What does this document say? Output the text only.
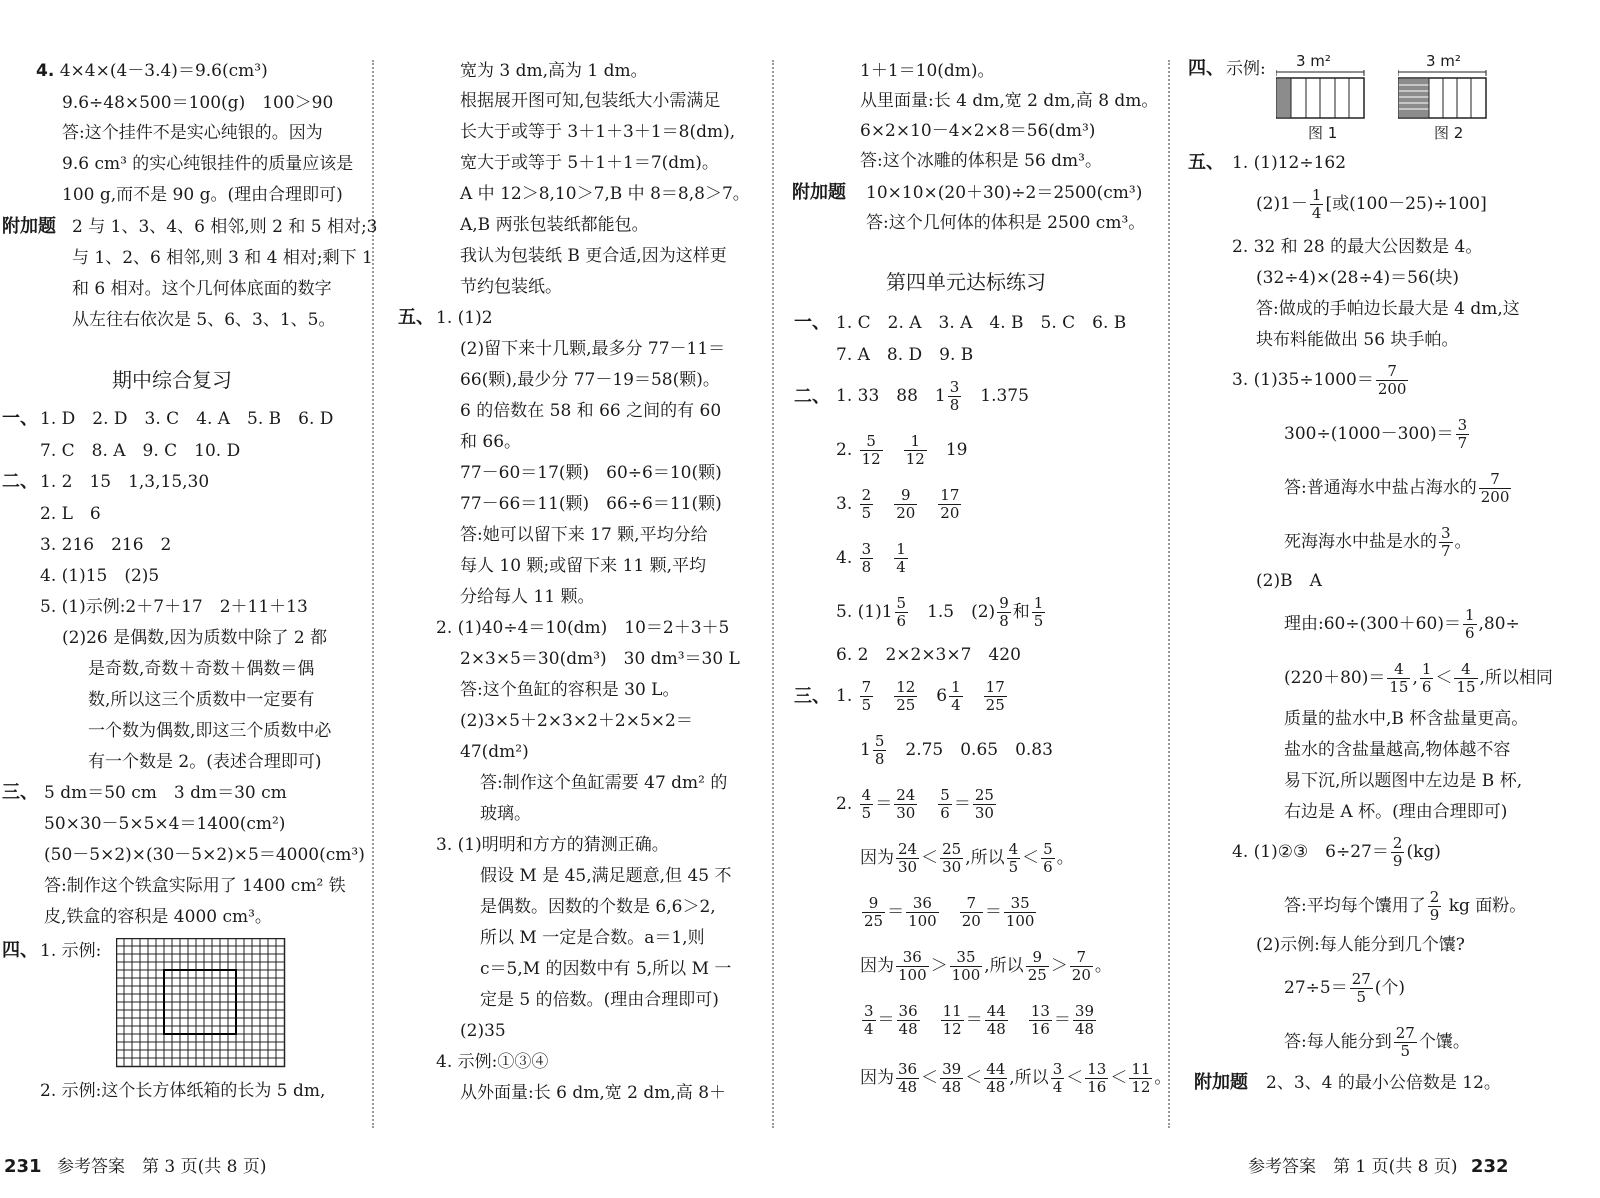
4. 4×4×(4－3.4)＝9.6(cm³)
9.6÷48×500＝100(g)　100＞90
答:这个挂件不是实心纯银的。因为
9.6 cm³ 的实心纯银挂件的质量应该是
100 g,而不是 90 g。(理由合理即可)
附加题 2 与 1、3、4、6 相邻,则 2 和 5 相对;3
与 1、2、6 相邻,则 3 和 4 相对;剩下 1
和 6 相对。这个几何体底面的数字
从左往右依次是 5、6、3、1、5。
期中综合复习
一、 1. D　2. D　3. C　4. A　5. B　6. D
7. C　8. A　9. C　10. D
二、 1. 2　15　1,3,15,30
2. L　6
3. 216　216　2
4. (1)15　(2)5
5. (1)示例:2＋7＋17　2＋11＋13
(2)26 是偶数,因为质数中除了 2 都
是奇数,奇数＋奇数＋偶数＝偶
数,所以这三个质数中一定要有
一个数为偶数,即这三个质数中必
有一个数是 2。(表述合理即可)
三、 5 dm＝50 cm　3 dm＝30 cm
50×30－5×5×4＝1400(cm²)
(50－5×2)×(30－5×2)×5＝4000(cm³)
答:制作这个铁盒实际用了 1400 cm² 铁
皮,铁盒的容积是 4000 cm³。
四、 1. 示例:
2. 示例:这个长方体纸箱的长为 5 dm,
宽为 3 dm,高为 1 dm。
根据展开图可知,包装纸大小需满足
长大于或等于 3＋1＋3＋1＝8(dm),
宽大于或等于 5＋1＋1＝7(dm)。
A 中 12＞8,10＞7,B 中 8＝8,8＞7。
A,B 两张包装纸都能包。
我认为包装纸 B 更合适,因为这样更
节约包装纸。
五、 1. (1)2
(2)留下来十几颗,最多分 77－11＝
66(颗),最少分 77－19＝58(颗)。
6 的倍数在 58 和 66 之间的有 60
和 66。
77－60＝17(颗)　60÷6＝10(颗)
77－66＝11(颗)　66÷6＝11(颗)
答:她可以留下来 17 颗,平均分给
每人 10 颗;或留下来 11 颗,平均
分给每人 11 颗。
2. (1)40÷4＝10(dm)　10＝2＋3＋5
2×3×5＝30(dm³)　30 dm³＝30 L
答:这个鱼缸的容积是 30 L。
(2)3×5＋2×3×2＋2×5×2＝
47(dm²)
答:制作这个鱼缸需要 47 dm² 的
玻璃。
3. (1)明明和方方的猜测正确。
假设 M 是 45,满足题意,但 45 不
是偶数。因数的个数是 6,6＞2,
所以 M 一定是合数。a＝1,则
c＝5,M 的因数中有 5,所以 M 一
定是 5 的倍数。(理由合理即可)
(2)35
4. 示例:①③④
从外面量:长 6 dm,宽 2 dm,高 8＋
1＋1＝10(dm)。
从里面量:长 4 dm,宽 2 dm,高 8 dm。
6×2×10－4×2×8＝56(dm³)
答:这个冰雕的体积是 56 dm³。
附加题 10×10×(20＋30)÷2＝2500(cm³)
答:这个几何体的体积是 2500 cm³。
第四单元达标练习
一、 1. C　2. A　3. A　4. B　5. C　6. B
7. A　8. D　9. B
二、 1. 33　88　$1 \frac{3}{8}$
　 1.375
2. $\frac{5}{12}$
　 $\frac{1}{12}$
　 19
3. $\frac{2}{5}$
　 $\frac{9}{20}$
　 $\frac{17}{20}$
4. $\frac{3}{8}$
　 $\frac{1}{4}$
5. $(1)1 \frac{5}{6}$
　 1.5　$(2) \frac{9}{8}$ 和 $\frac{1}{5}$
6. 2　2×2×3×7　420
三、 1. $\frac{7}{5}$
　 $\frac{12}{25}$
　 $6 \frac{1}{4}$
　 $\frac{17}{25}$
$1 \frac{5}{8}$
　 2.75　0.65　0.83
2. $\frac{4}{5} = \frac{24}{30}$
　 $\frac{5}{6} = \frac{25}{30}$
因为 $\frac{24}{30} < \frac{25}{30}$ ,所以 $\frac{4}{5} < \frac{5}{6}$ 。
$\frac{9}{25} = \frac{36}{100}$
　 $\frac{7}{20} = \frac{35}{100}$
因为 $\frac{36}{100} > \frac{35}{100}$ ,所以 $\frac{9}{25} > \frac{7}{20}$ 。
$\frac{3}{4} = \frac{36}{48}$
　 $\frac{11}{12} = \frac{44}{48}$
　 $\frac{13}{16} = \frac{39}{48}$
因为 $\frac{36}{48} < \frac{39}{48} < \frac{44}{48}$ ,所以 $\frac{3}{4} < \frac{13}{16} < \frac{11}{12}$ 。
四、 示例: 3 m²
图 1
3 m²
图 2
五、 1. (1)12÷162
$(2)1- \frac{1}{4}$ [或(100－25)÷100]
2. 32 和 28 的最大公因数是 4。
(32÷4)×(28÷4)＝56(块)
答:做成的手帕边长最大是 4 dm,这
块布料能做出 56 块手帕。
3. $(1)35\div 1000= \frac{7}{200}$
$300\div(1000-300)= \frac{3}{7}$
答:普通海水中盐占海水的 $\frac{7}{200}$
死海海水中盐是水的 $\frac{3}{7}$ 。
(2)B　A
理由:60÷(300＋60)＝ $\frac{1}{6} ,80\div$
$(220+80)= \frac{4}{15}$ , $\frac{1}{6} < \frac{4}{15}$ ,所以相同
质量的盐水中,B 杯含盐量更高。
盐水的含盐量越高,物体越不容
易下沉,所以题图中左边是 B 杯,
右边是 A 杯。(理由合理即可)
4. (1)②③　$6\div 27= \frac{2}{9} (kg)$
答:平均每个馕用了 $\frac{2}{9}$ kg 面粉。
(2)示例:每人能分到几个馕?
$27\div 5= \frac{27}{5}$ (个)
答:每人能分到 $\frac{27}{5}$ 个馕。
附加题 2、3、4 的最小公倍数是 12。
231 参考答案　第 3 页(共 8 页)	参考答案　第 1 页(共 8 页) 232
